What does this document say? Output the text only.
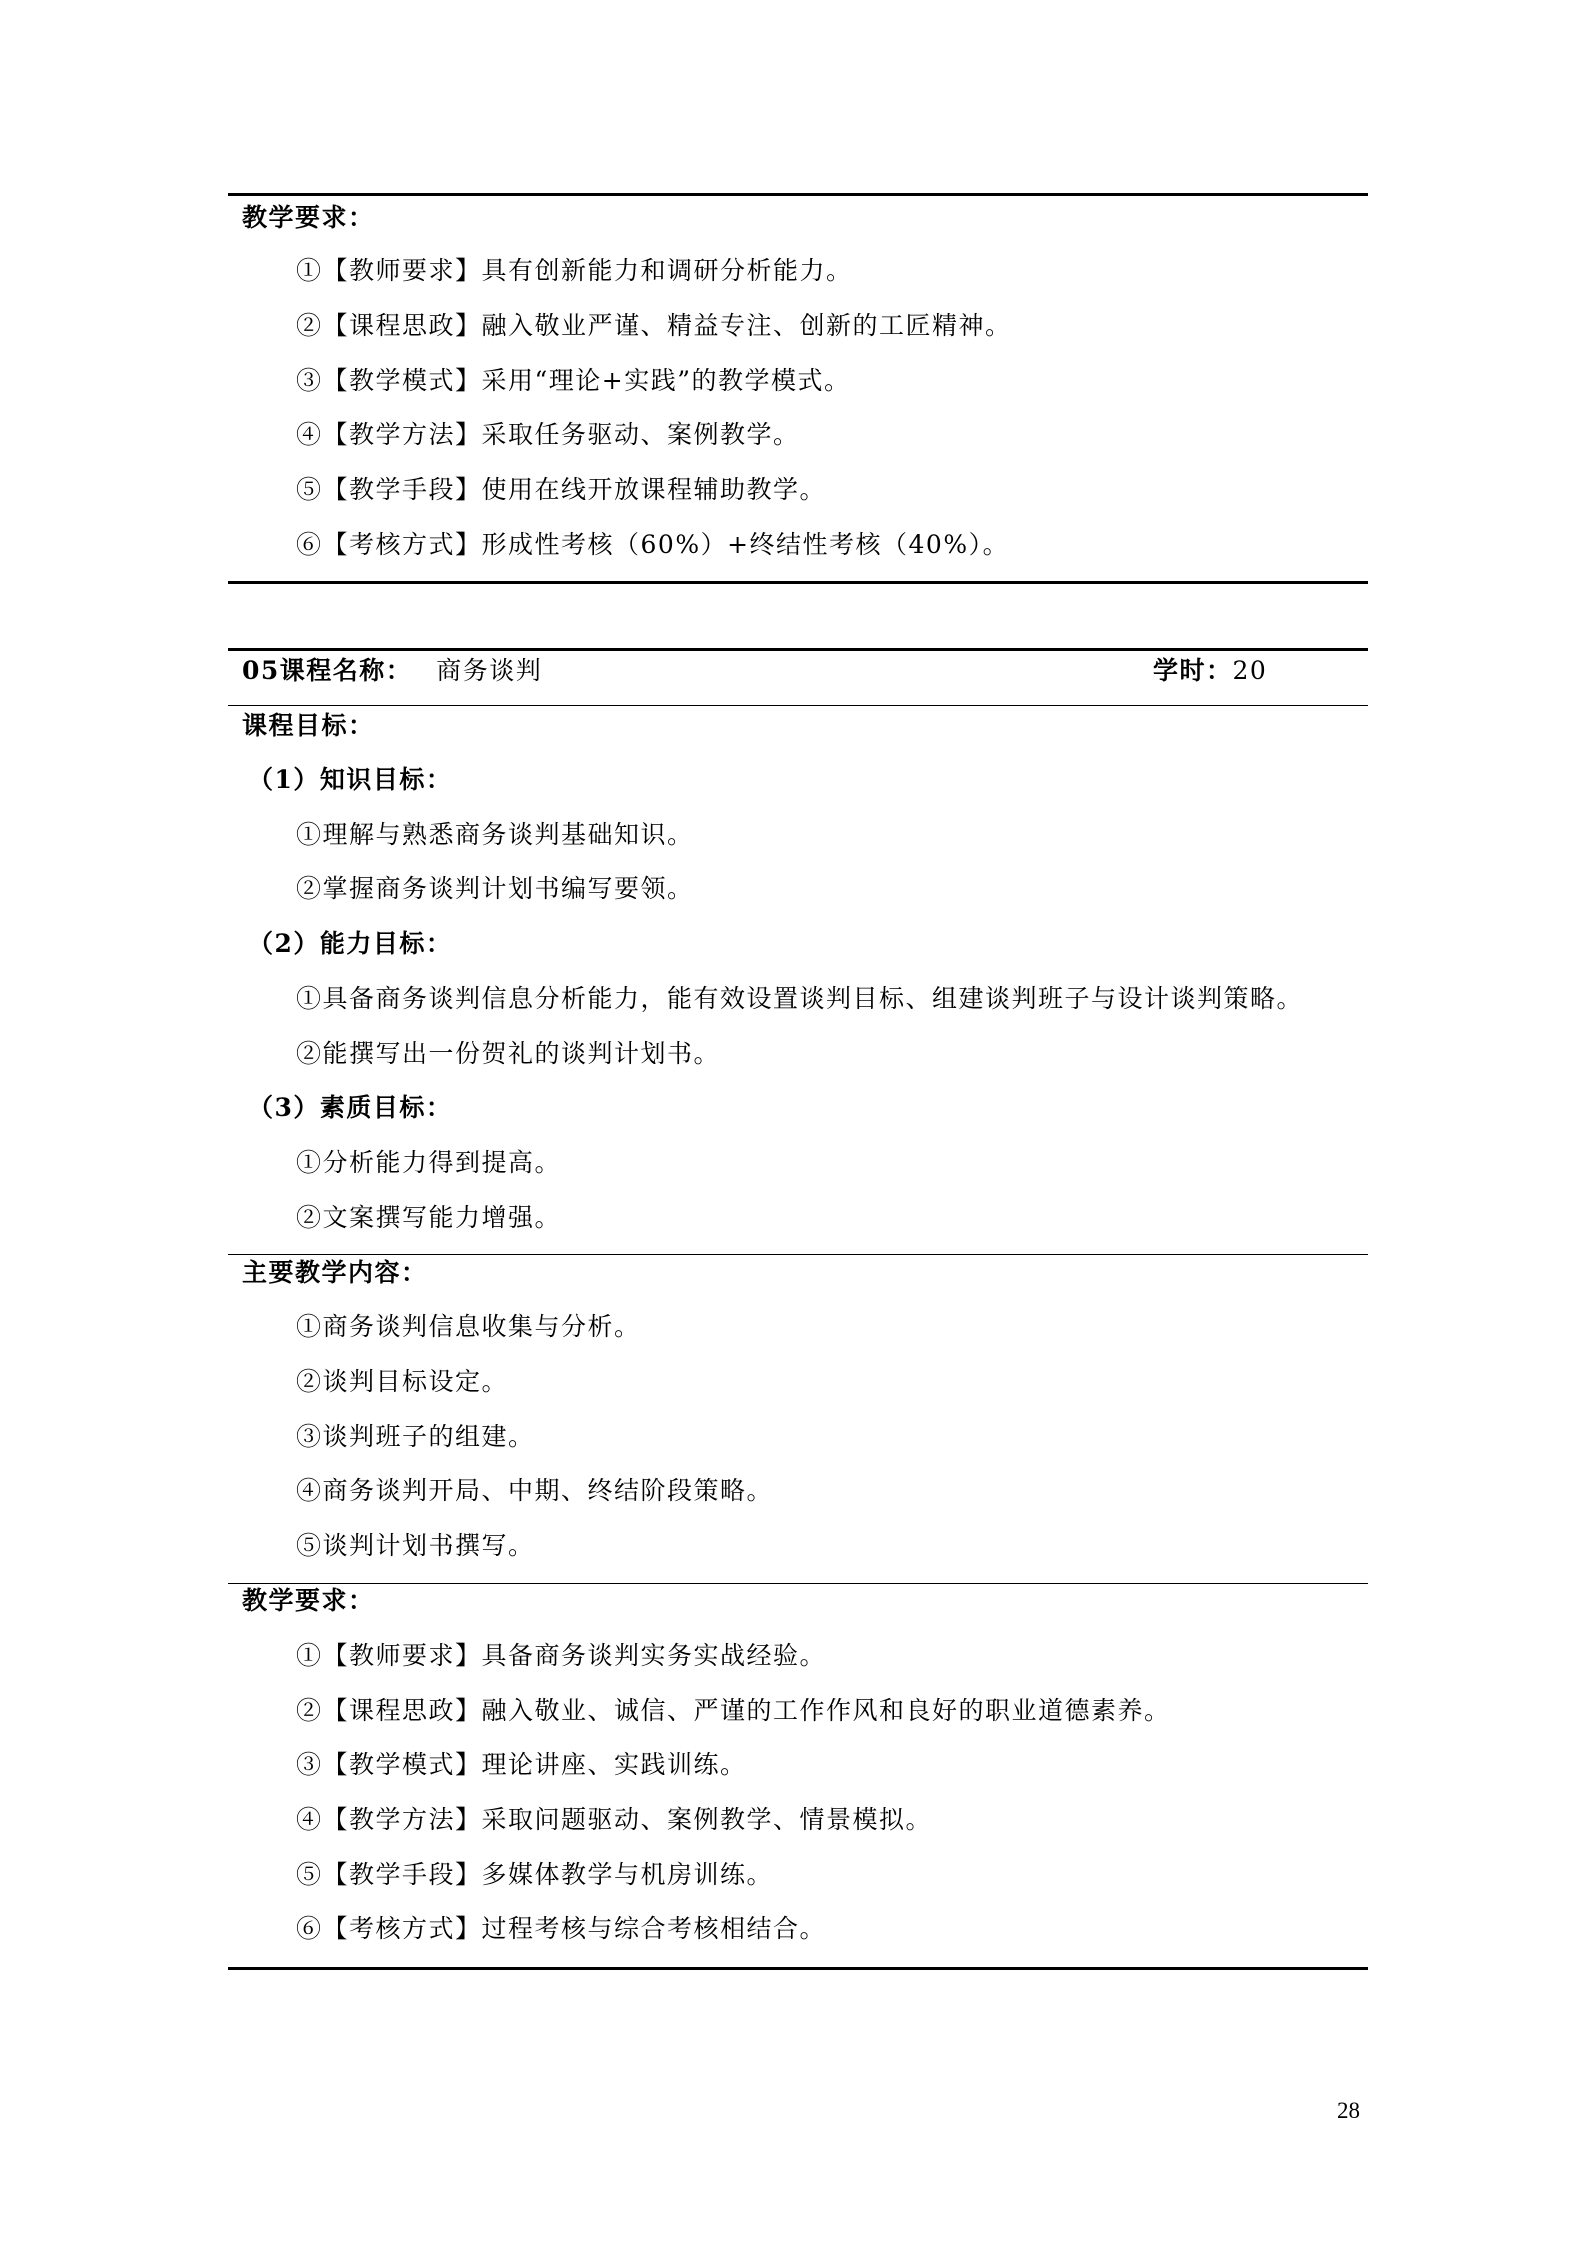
教学要求：
①【教师要求】具有创新能力和调研分析能力。
②【课程思政】融入敬业严谨、精益专注、创新的工匠精神。
③【教学模式】采用“理论+实践”的教学模式。
④【教学方法】采取任务驱动、案例教学。
⑤【教学手段】使用在线开放课程辅助教学。
⑥【考核方式】形成性考核（60%）+终结性考核（40%）。
05课程名称： 商务谈判	学时：20
课程目标：
（1）知识目标：
①理解与熟悉商务谈判基础知识。
②掌握商务谈判计划书编写要领。
（2）能力目标：
①具备商务谈判信息分析能力，能有效设置谈判目标、组建谈判班子与设计谈判策略。
②能撰写出一份贺礼的谈判计划书。
（3）素质目标：
①分析能力得到提高。
②文案撰写能力增强。
主要教学内容：
①商务谈判信息收集与分析。
②谈判目标设定。
③谈判班子的组建。
④商务谈判开局、中期、终结阶段策略。
⑤谈判计划书撰写。
教学要求：
①【教师要求】具备商务谈判实务实战经验。
②【课程思政】融入敬业、诚信、严谨的工作作风和良好的职业道德素养。
③【教学模式】理论讲座、实践训练。
④【教学方法】采取问题驱动、案例教学、情景模拟。
⑤【教学手段】多媒体教学与机房训练。
⑥【考核方式】过程考核与综合考核相结合。
28
